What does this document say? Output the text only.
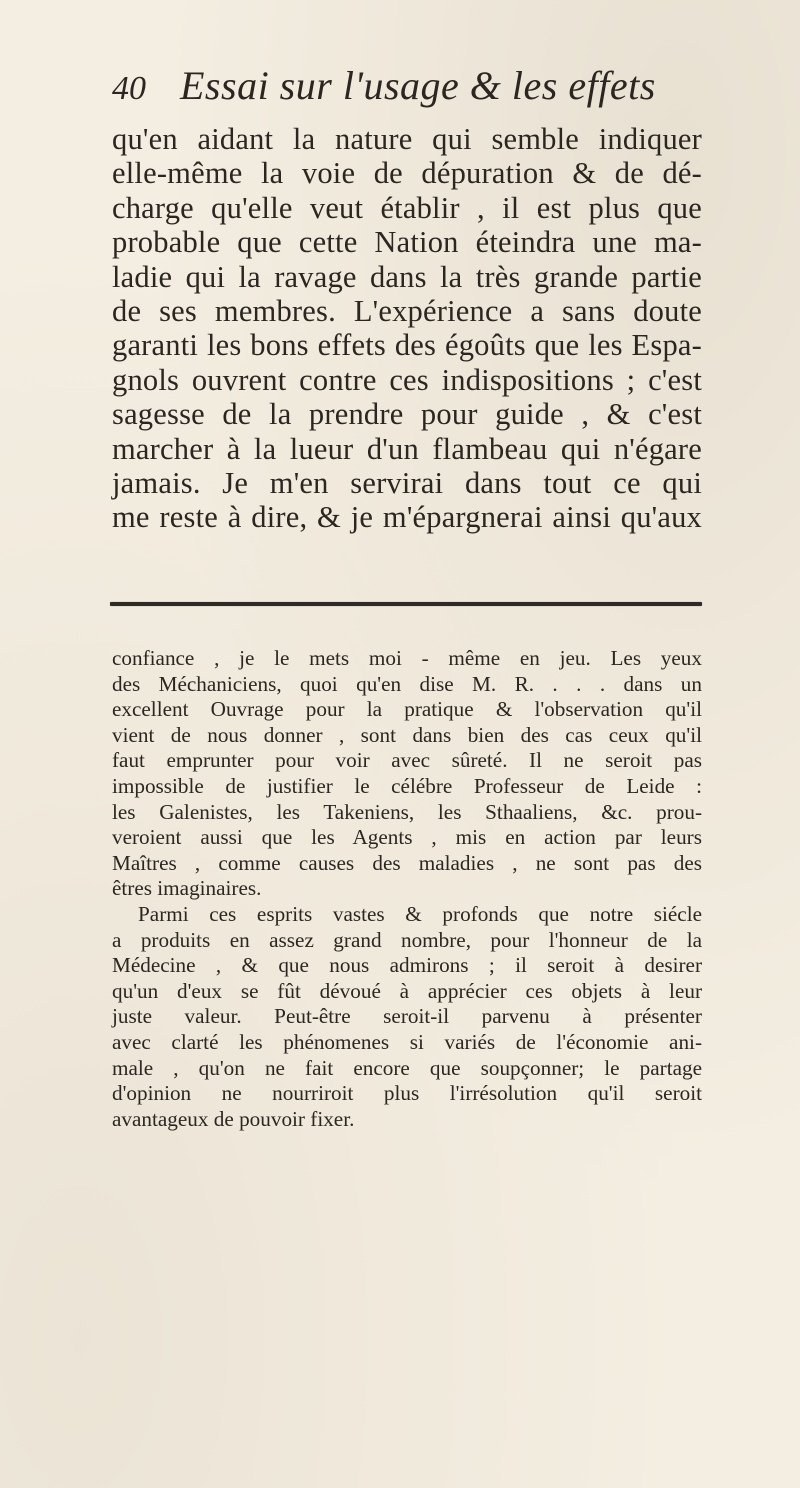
40 Essai sur l'usage & les effets
qu'en aidant la nature qui semble indiquer
elle-même la voie de dépuration & de dé-
charge qu'elle veut établir , il est plus que
probable que cette Nation éteindra une ma-
ladie qui la ravage dans la très grande partie
de ses membres. L'expérience a sans doute
garanti les bons effets des égoûts que les Espa-
gnols ouvrent contre ces indispositions ; c'est
sagesse de la prendre pour guide , & c'est
marcher à la lueur d'un flambeau qui n'égare
jamais. Je m'en servirai dans tout ce qui
me reste à dire, & je m'épargnerai ainsi qu'aux
confiance , je le mets moi - même en jeu. Les yeux
des Méchaniciens, quoi qu'en dise M. R. . . . dans un
excellent Ouvrage pour la pratique & l'observation qu'il
vient de nous donner , sont dans bien des cas ceux qu'il
faut emprunter pour voir avec sûreté. Il ne seroit pas
impossible de justifier le célébre Professeur de Leide :
les Galenistes, les Takeniens, les Sthaaliens, &c. prou-
veroient aussi que les Agents , mis en action par leurs
Maîtres , comme causes des maladies , ne sont pas des
êtres imaginaires.
Parmi ces esprits vastes & profonds que notre siécle
a produits en assez grand nombre, pour l'honneur de la
Médecine , & que nous admirons ; il seroit à desirer
qu'un d'eux se fût dévoué à apprécier ces objets à leur
juste valeur. Peut-être seroit-il parvenu à présenter
avec clarté les phénomenes si variés de l'économie ani-
male , qu'on ne fait encore que soupçonner; le partage
d'opinion ne nourriroit plus l'irrésolution qu'il seroit
avantageux de pouvoir fixer.
